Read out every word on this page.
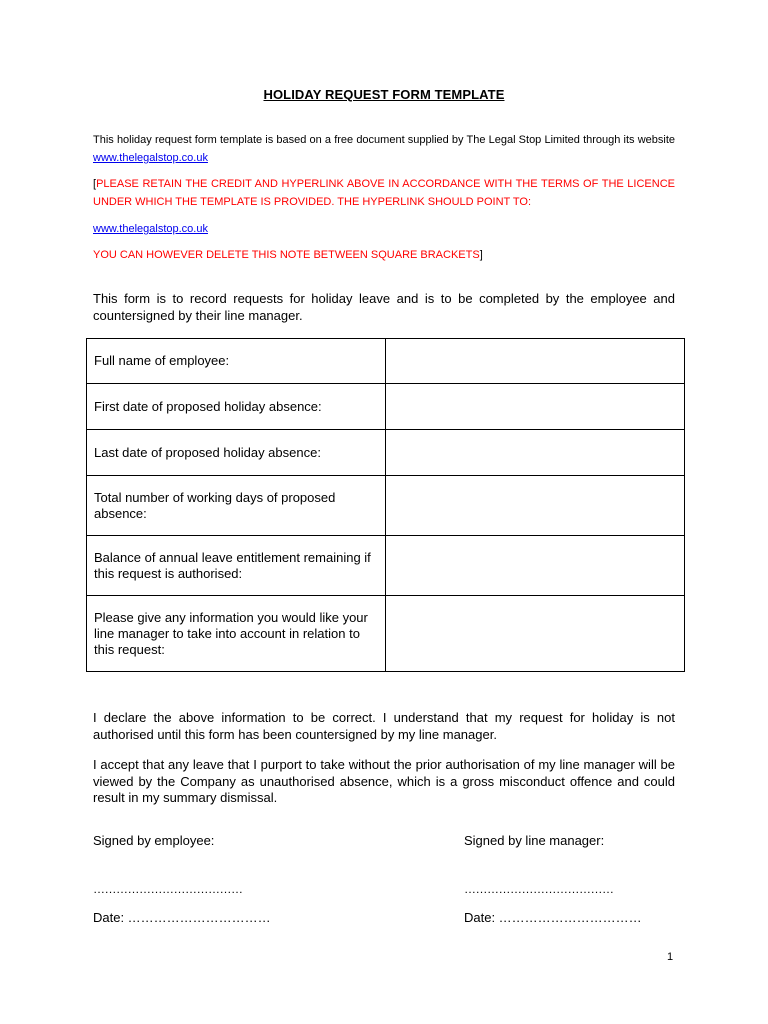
HOLIDAY REQUEST FORM TEMPLATE
This holiday request form template is based on a free document supplied by The Legal Stop Limited through its website www.thelegalstop.co.uk
[PLEASE RETAIN THE CREDIT AND HYPERLINK ABOVE IN ACCORDANCE WITH THE TERMS OF THE LICENCE UNDER WHICH THE TEMPLATE IS PROVIDED. THE HYPERLINK SHOULD POINT TO:
www.thelegalstop.co.uk
YOU CAN HOWEVER DELETE THIS NOTE BETWEEN SQUARE BRACKETS]
This form is to record requests for holiday leave and is to be completed by the employee and countersigned by their line manager.
Full name of employee:	
First date of proposed holiday absence:	
Last date of proposed holiday absence:	
Total number of working days of proposed absence:	
Balance of annual leave entitlement remaining if this request is authorised:	
Please give any information you would like your line manager to take into account in relation to this request:	
I declare the above information to be correct. I understand that my request for holiday is not authorised until this form has been countersigned by my line manager.
I accept that any leave that I purport to take without the prior authorisation of my line manager will be viewed by the Company as unauthorised absence, which is a gross misconduct offence and could result in my summary dismissal.
Signed by employee:	Signed by line manager:
…………………………………	…………………………………
Date: ……………………………	Date: ……………………………
1
